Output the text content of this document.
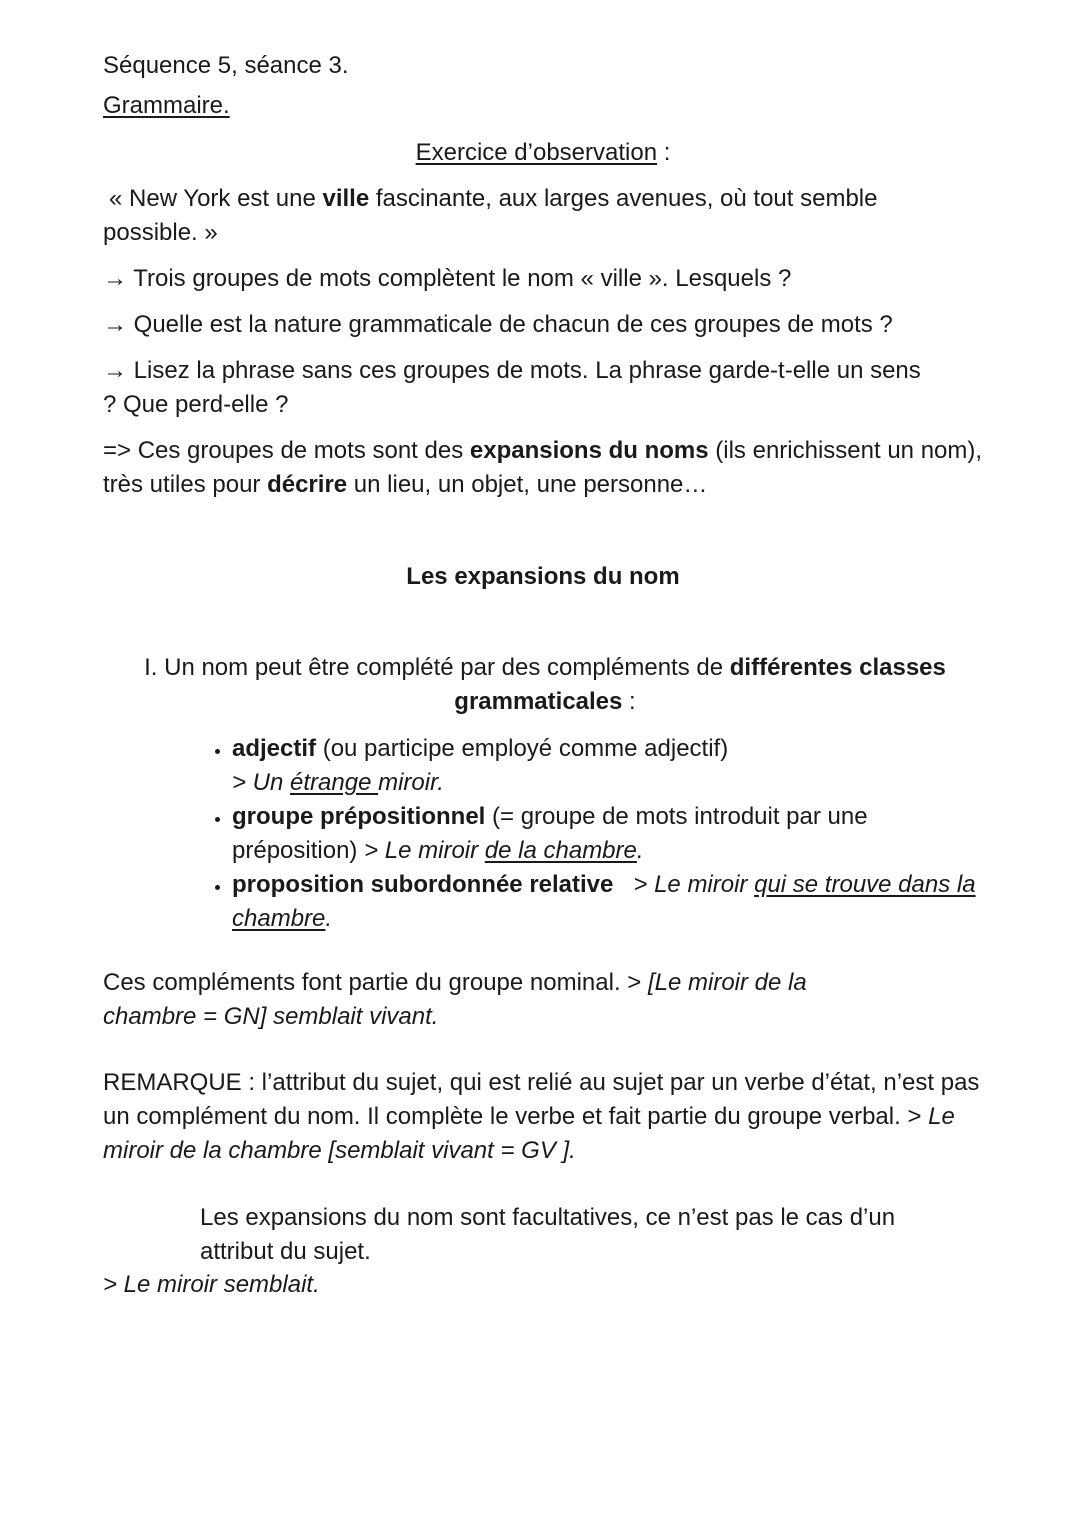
Séquence 5, séance 3.

Grammaire.

Exercice d’observation :

« New York est une ville fascinante, aux larges avenues, où tout semble possible. »

→ Trois groupes de mots complètent le nom « ville ». Lesquels ?

→ Quelle est la nature grammaticale de chacun de ces groupes de mots ?

→ Lisez la phrase sans ces groupes de mots. La phrase garde-t-elle un sens ? Que perd-elle ?

=> Ces groupes de mots sont des expansions du noms (ils enrichissent un nom), très utiles pour décrire un lieu, un objet, une personne…

Les expansions du nom

I. Un nom peut être complété par des compléments de différentes classes grammaticales :

• adjectif (ou participe employé comme adjectif)
> Un étrange miroir.
• groupe prépositionnel (= groupe de mots introduit par une préposition) > Le miroir de la chambre.
• proposition subordonnée relative > Le miroir qui se trouve dans la chambre.

Ces compléments font partie du groupe nominal. > [Le miroir de la chambre = GN] semblait vivant.

REMARQUE : l’attribut du sujet, qui est relié au sujet par un verbe d’état, n’est pas un complément du nom. Il complète le verbe et fait partie du groupe verbal. > Le miroir de la chambre [semblait vivant = GV ].

Les expansions du nom sont facultatives, ce n’est pas le cas d’un attribut du sujet.

> Le miroir semblait.
